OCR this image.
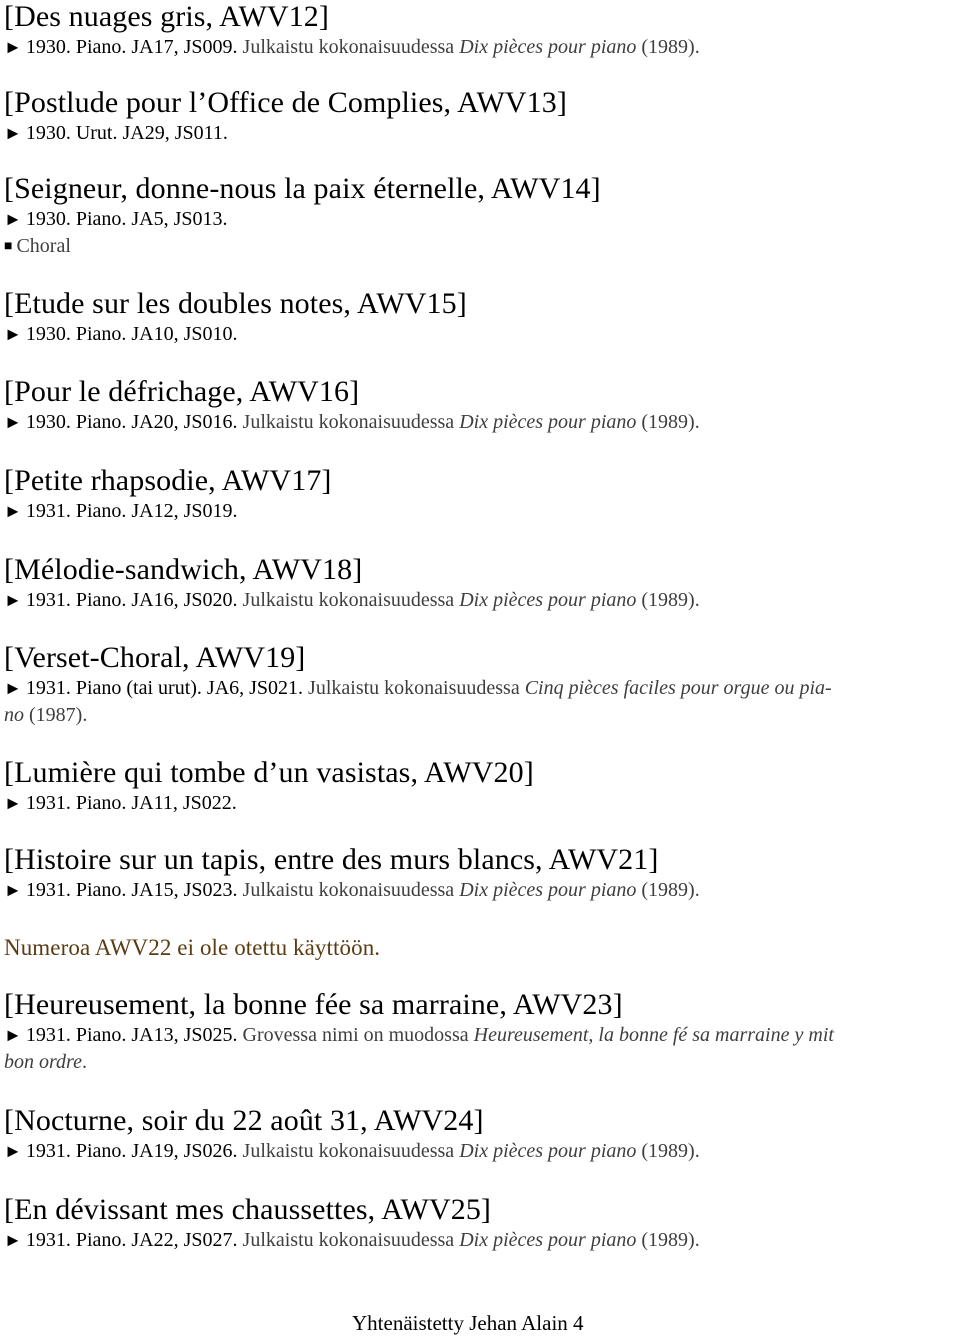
[Des nuages gris, AWV12]
► 1930. Piano. JA17, JS009. Julkaistu kokonaisuudessa Dix pièces pour piano (1989).
[Postlude pour l’Office de Complies, AWV13]
► 1930. Urut. JA29, JS011.
[Seigneur, donne-nous la paix éternelle, AWV14]
► 1930. Piano. JA5, JS013.
■ Choral
[Etude sur les doubles notes, AWV15]
► 1930. Piano. JA10, JS010.
[Pour le défrichage, AWV16]
► 1930. Piano. JA20, JS016. Julkaistu kokonaisuudessa Dix pièces pour piano (1989).
[Petite rhapsodie, AWV17]
► 1931. Piano. JA12, JS019.
[Mélodie-sandwich, AWV18]
► 1931. Piano. JA16, JS020. Julkaistu kokonaisuudessa Dix pièces pour piano (1989).
[Verset-Choral, AWV19]
► 1931. Piano (tai urut). JA6, JS021. Julkaistu kokonaisuudessa Cinq pièces faciles pour orgue ou pia-
no (1987).
[Lumière qui tombe d’un vasistas, AWV20]
► 1931. Piano. JA11, JS022.
[Histoire sur un tapis, entre des murs blancs, AWV21]
► 1931. Piano. JA15, JS023. Julkaistu kokonaisuudessa Dix pièces pour piano (1989).
Numeroa AWV22 ei ole otettu käyttöön.
[Heureusement, la bonne fée sa marraine, AWV23]
► 1931. Piano. JA13, JS025. Grovessa nimi on muodossa Heureusement, la bonne fé sa marraine y mit
bon ordre.
[Nocturne, soir du 22 août 31, AWV24]
► 1931. Piano. JA19, JS026. Julkaistu kokonaisuudessa Dix pièces pour piano (1989).
[En dévissant mes chaussettes, AWV25]
► 1931. Piano. JA22, JS027. Julkaistu kokonaisuudessa Dix pièces pour piano (1989).
Yhtenäistetty Jehan Alain 4
